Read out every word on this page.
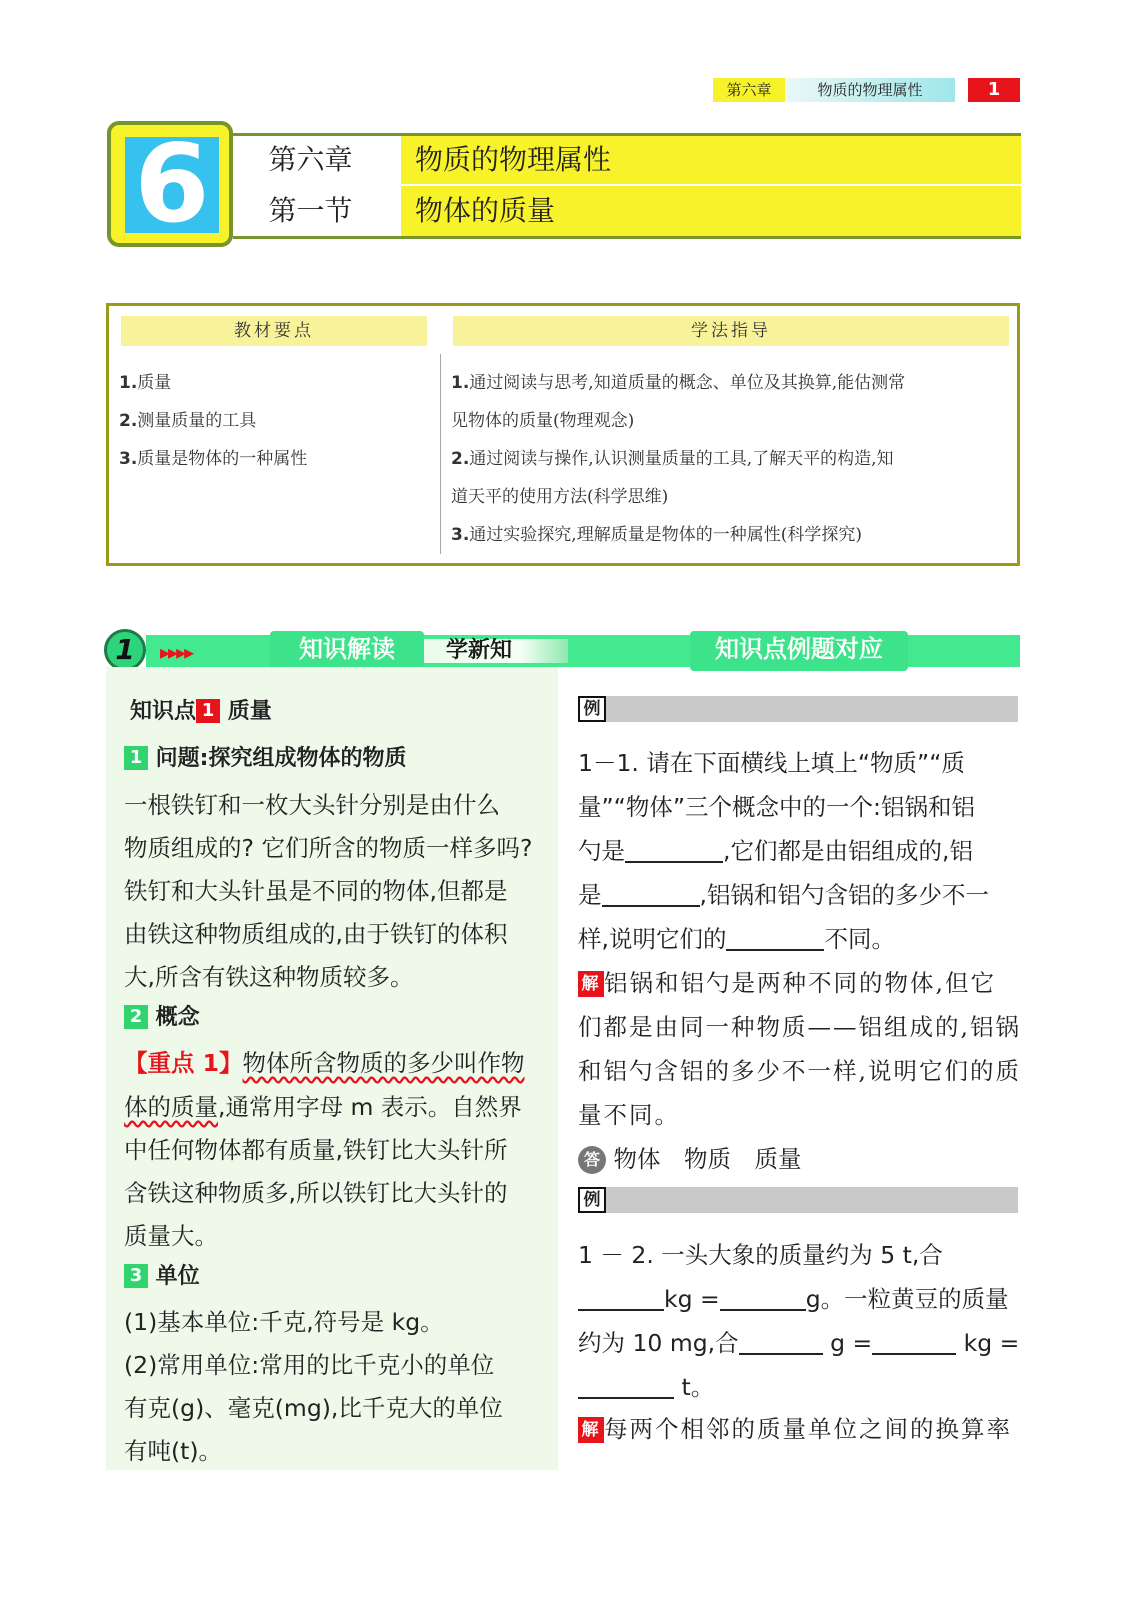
第六章	物质的物理属性	1
6	第六章	物质的物理属性
第一节	物体的质量
教材要点	学法指导
1.质量
2.测量质量的工具
3.质量是物体的一种属性
1.通过阅读与思考,知道质量的概念、单位及其换算,能估测常
见物体的质量(物理观念)
2.通过阅读与操作,认识测量质量的工具,了解天平的构造,知
道天平的使用方法(科学思维)
3.通过实验探究,理解质量是物体的一种属性(科学探究)
知识解读	学新知	知识点例题对应
1	▸▸▸▸
知识点 1 质量
1 问题:探究组成物体的物质
一根铁钉和一枚大头针分别是由什么
物质组成的? 它们所含的物质一样多吗?
铁钉和大头针虽是不同的物体,但都是
由铁这种物质组成的,由于铁钉的体积
大,所含有铁这种物质较多。
2 概念
【重点 1】物体所含物质的多少叫作物
体的质量,通常用字母 m 表示。自然界
中任何物体都有质量,铁钉比大头针所
含铁这种物质多,所以铁钉比大头针的
质量大。
3 单位
(1)基本单位:千克,符号是 kg。
(2)常用单位:常用的比千克小的单位
有克(g)、毫克(mg),比千克大的单位
有吨(t)。
例
1－1. 请在下面横线上填上“物质”“质
量”“物体”三个概念中的一个:铝锅和铝
勺是	,它们都是由铝组成的,铝
是	,铝锅和铝勺含铝的多少不一
样,说明它们的	不同。
解 铝锅和铝勺是两种不同的物体,但它
们都是由同一种物质——铝组成的,铝锅
和铝勺含铝的多少不一样,说明它们的质
量不同。
答 物体　物质　质量
例
1 － 2. 一头大象的质量约为 5 t,合
kg =	g。一粒黄豆的质量
约为 10 mg,合	g =	kg =
t。
解 每两个相邻的质量单位之间的换算率
